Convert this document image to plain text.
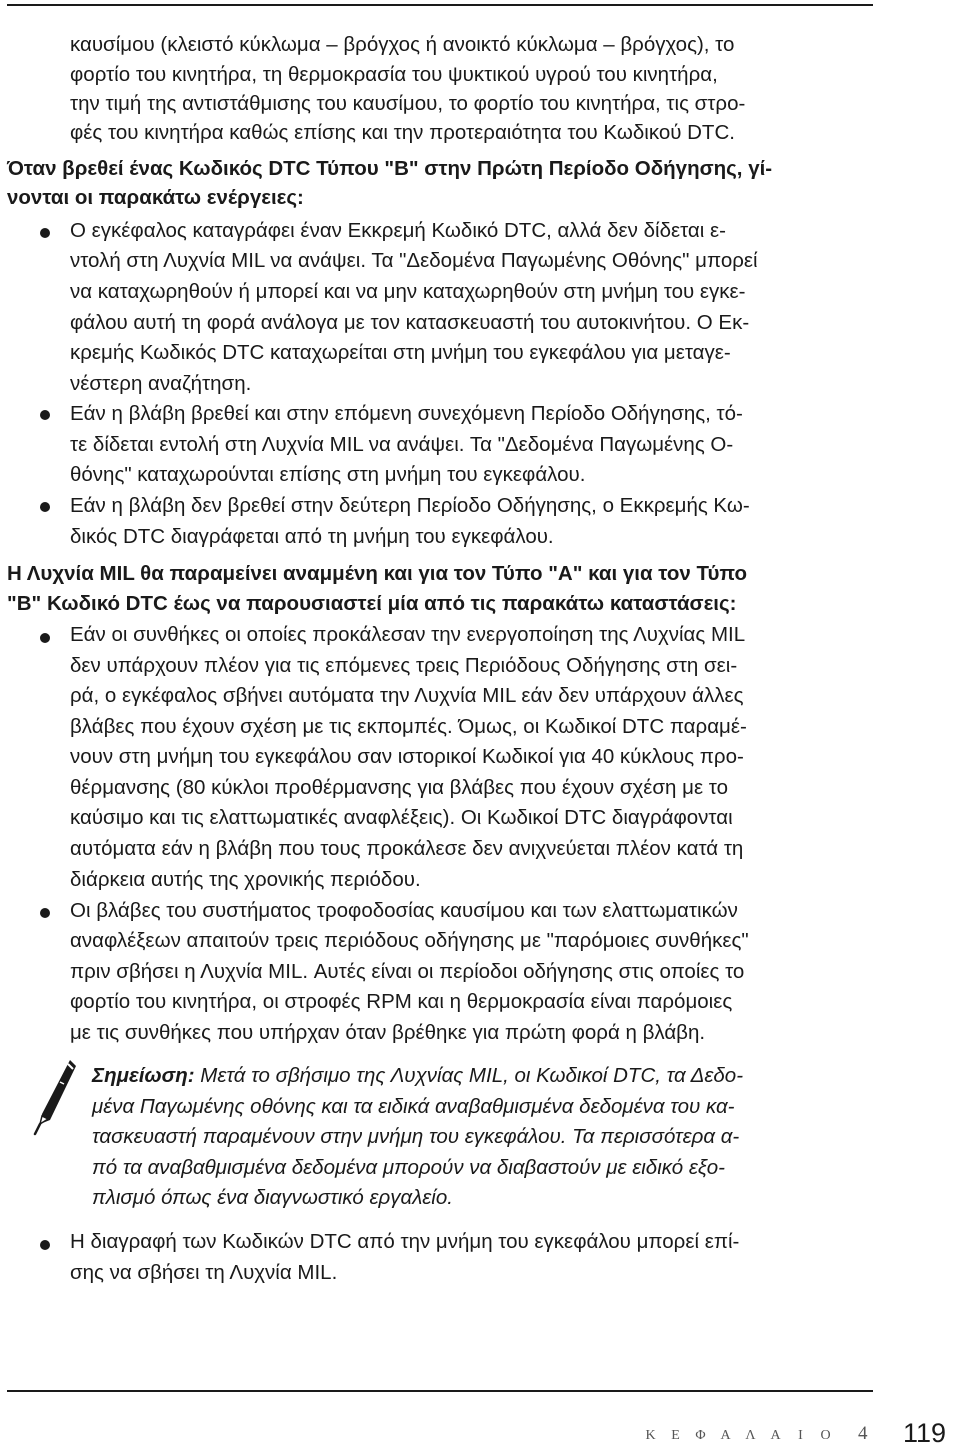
καυσίμου (κλειστό κύκλωμα – βρόγχος ή ανοικτό κύκλωμα – βρόγχος), το
φορτίο του κινητήρα, τη θερμοκρασία του ψυκτικού υγρού του κινητήρα,
την τιμή της αντιστάθμισης του καυσίμου, το φορτίο του κινητήρα, τις στρο-
φές του κινητήρα καθώς επίσης και την προτεραιότητα του Κωδικού DTC.
Όταν βρεθεί ένας Κωδικός DTC Τύπου "B" στην Πρώτη Περίοδο Οδήγησης, γί-
νονται οι παρακάτω ενέργειες:
Ο εγκέφαλος καταγράφει έναν Εκκρεμή Κωδικό DTC, αλλά δεν δίδεται ε-
ντολή στη Λυχνία MIL να ανάψει. Τα "Δεδομένα Παγωμένης Οθόνης" μπορεί
να καταχωρηθούν ή μπορεί και να μην καταχωρηθούν στη μνήμη του εγκε-
φάλου αυτή τη φορά ανάλογα με τον κατασκευαστή του αυτοκινήτου. Ο Εκ-
κρεμής Κωδικός DTC καταχωρείται στη μνήμη του εγκεφάλου για μεταγε-
νέστερη αναζήτηση.
Εάν η βλάβη βρεθεί και στην επόμενη συνεχόμενη Περίοδο Οδήγησης, τό-
τε δίδεται εντολή στη Λυχνία MIL να ανάψει. Τα "Δεδομένα Παγωμένης Ο-
θόνης" καταχωρούνται επίσης στη μνήμη του εγκεφάλου.
Εάν η βλάβη δεν βρεθεί στην δεύτερη Περίοδο Οδήγησης, ο Εκκρεμής Κω-
δικός DTC διαγράφεται από τη μνήμη του εγκεφάλου.
Η Λυχνία MIL θα παραμείνει αναμμένη και για τον Τύπο "A" και για τον Τύπο
"B" Κωδικό DTC έως να παρουσιαστεί μία από τις παρακάτω καταστάσεις:
Εάν οι συνθήκες οι οποίες προκάλεσαν την ενεργοποίηση της Λυχνίας MIL
δεν υπάρχουν πλέον για τις επόμενες τρεις Περιόδους Οδήγησης στη σει-
ρά, ο εγκέφαλος σβήνει αυτόματα την Λυχνία MIL εάν δεν υπάρχουν άλλες
βλάβες που έχουν σχέση με τις εκπομπές. Όμως, οι Κωδικοί DTC παραμέ-
νουν στη μνήμη του εγκεφάλου σαν ιστορικοί Κωδικοί για 40 κύκλους προ-
θέρμανσης (80 κύκλοι προθέρμανσης για βλάβες που έχουν σχέση με το
καύσιμο και τις ελαττωματικές αναφλέξεις). Οι Κωδικοί DTC διαγράφονται
αυτόματα εάν η βλάβη που τους προκάλεσε δεν ανιχνεύεται πλέον κατά τη
διάρκεια αυτής της χρονικής περιόδου.
Οι βλάβες του συστήματος τροφοδοσίας καυσίμου και των ελαττωματικών
αναφλέξεων απαιτούν τρεις περιόδους οδήγησης με "παρόμοιες συνθήκες"
πριν σβήσει η Λυχνία MIL. Αυτές είναι οι περίοδοι οδήγησης στις οποίες το
φορτίο του κινητήρα, οι στροφές RPM και η θερμοκρασία είναι παρόμοιες
με τις συνθήκες που υπήρχαν όταν βρέθηκε για πρώτη φορά η βλάβη.
Σημείωση: Μετά το σβήσιμο της Λυχνίας MIL, οι Κωδικοί DTC, τα Δεδο-
μένα Παγωμένης οθόνης και τα ειδικά αναβαθμισμένα δεδομένα του κα-
τασκευαστή παραμένουν στην μνήμη του εγκεφάλου. Τα περισσότερα α-
πό τα αναβαθμισμένα δεδομένα μπορούν να διαβαστούν με ειδικό εξο-
πλισμό όπως ένα διαγνωστικό εργαλείο.
Η διαγραφή των Κωδικών DTC από την μνήμη του εγκεφάλου μπορεί επί-
σης να σβήσει τη Λυχνία MIL.
Κ Ε Φ Α Λ Α Ι Ο	4 119
